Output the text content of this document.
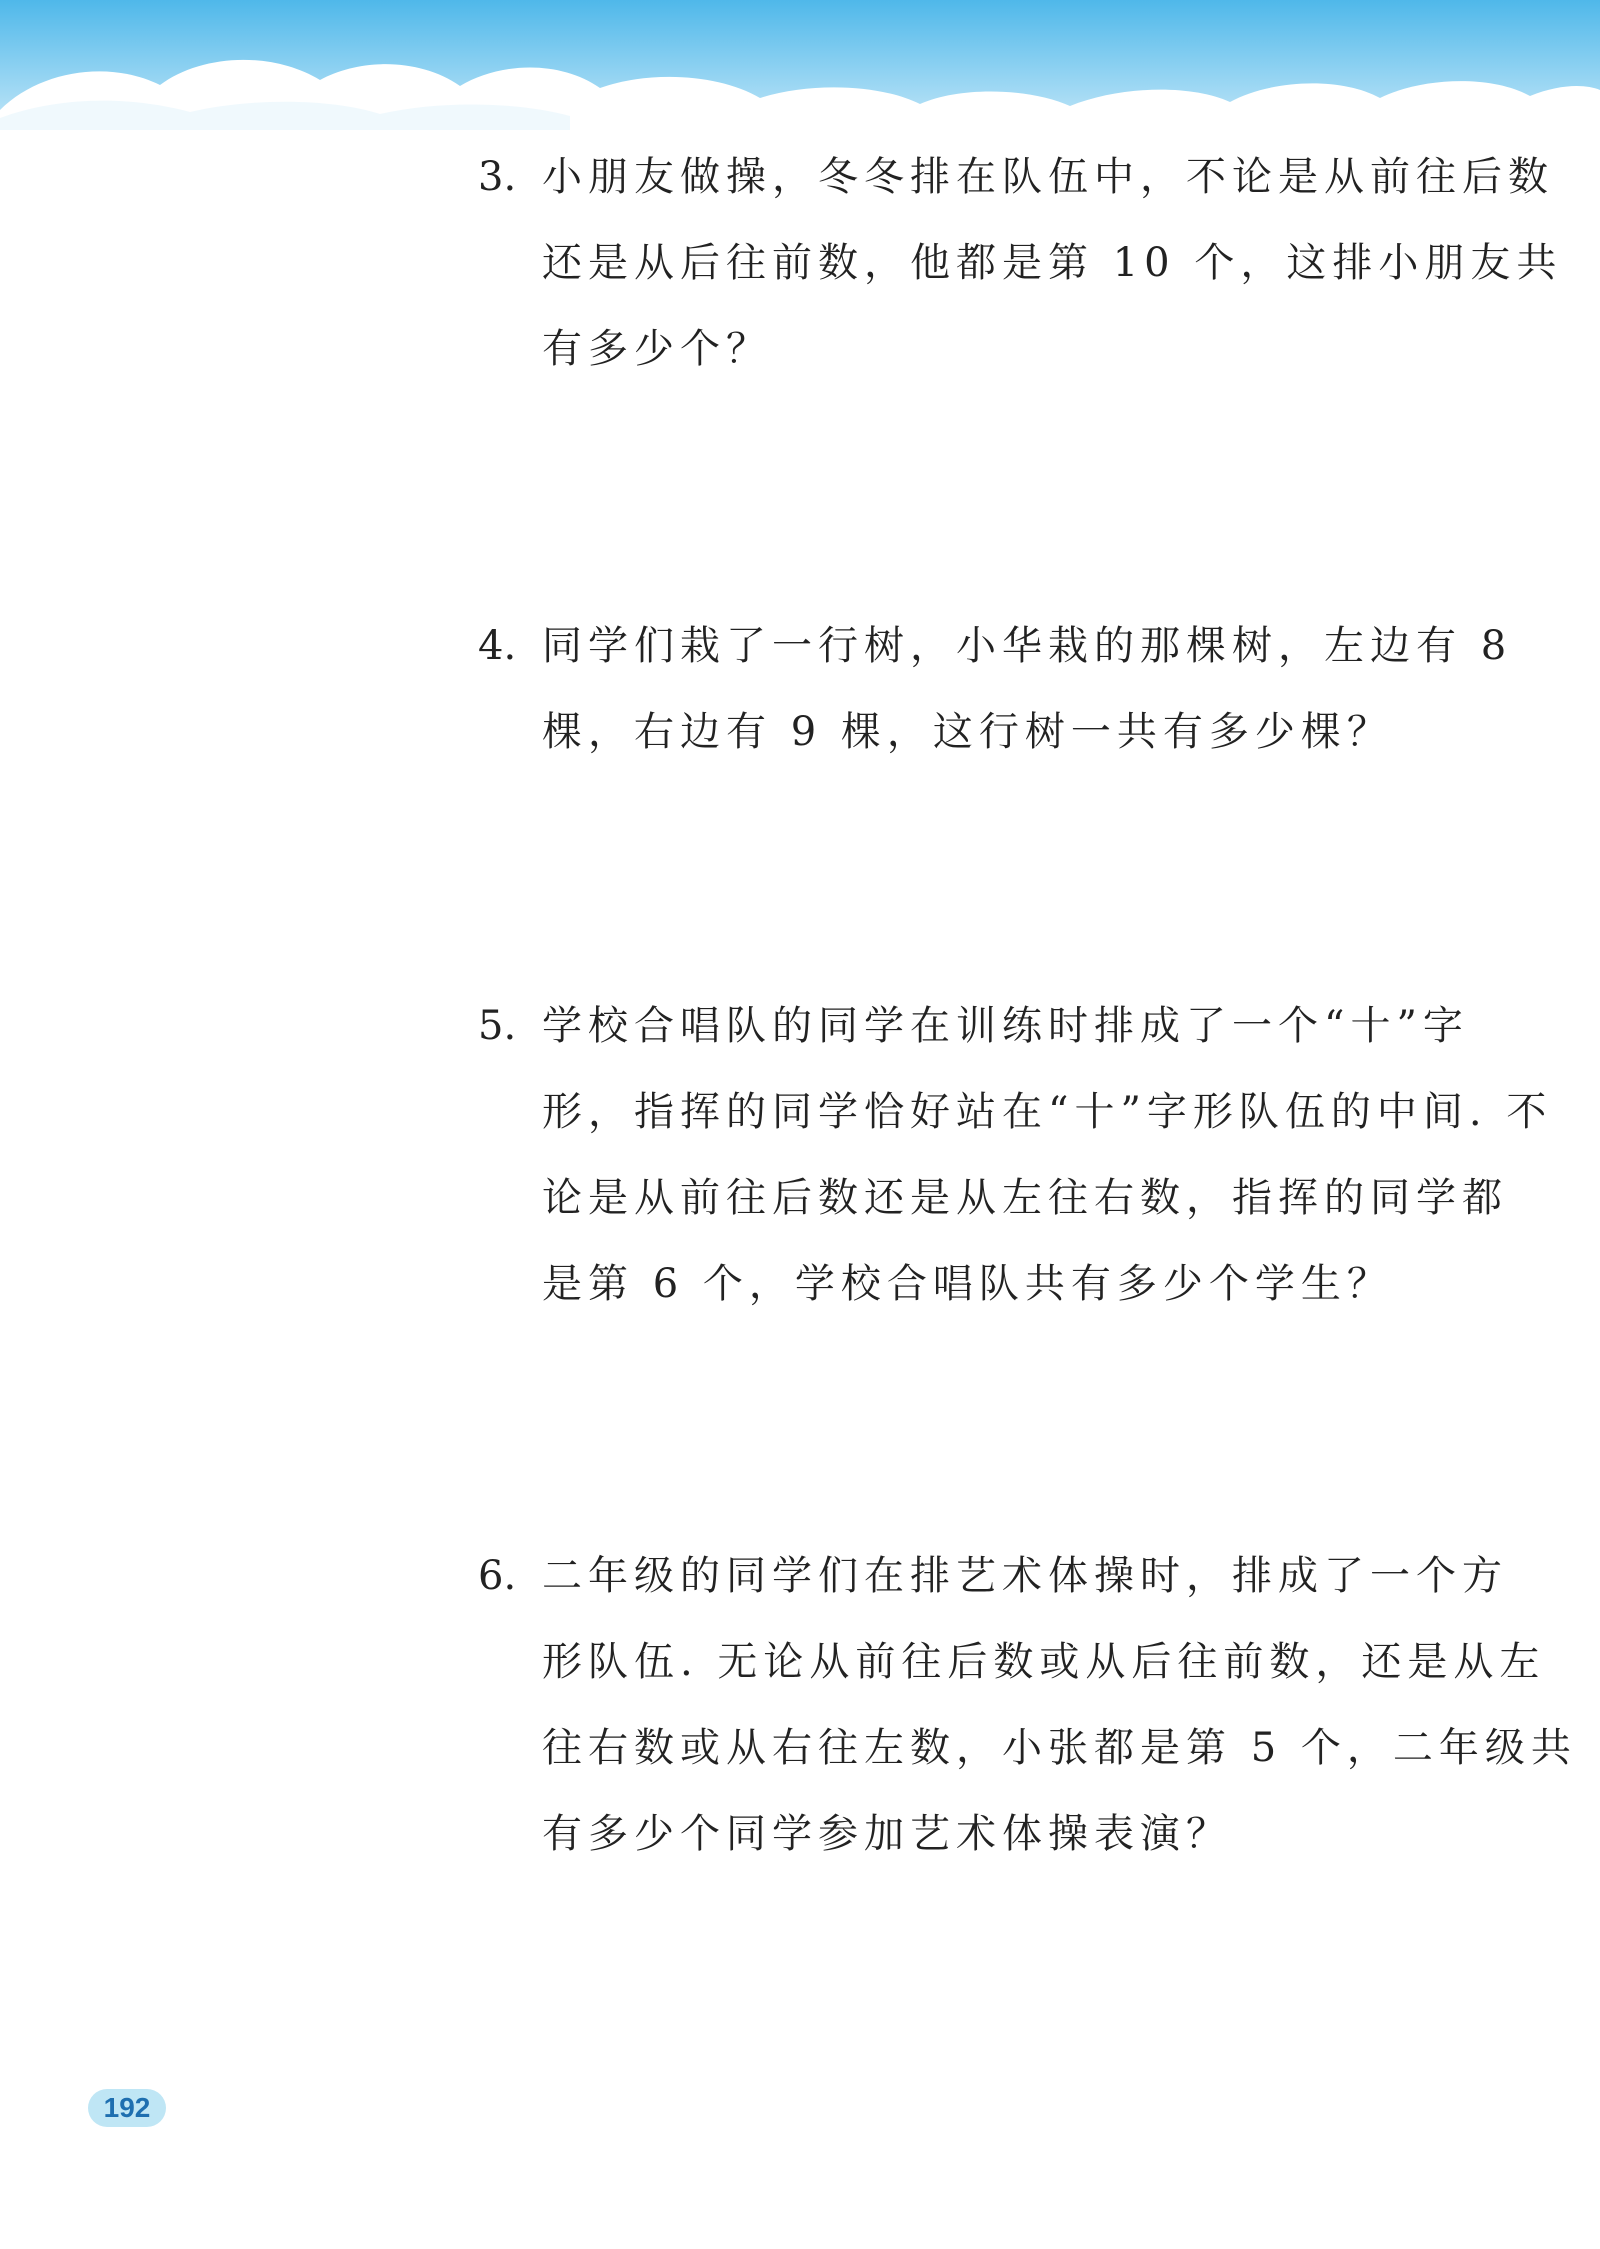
3. 小朋友做操，冬冬排在队伍中，不论是从前往后数
还是从后往前数，他都是第 10 个，这排小朋友共
有多少个？
4. 同学们栽了一行树，小华栽的那棵树，左边有 8
棵，右边有 9 棵，这行树一共有多少棵？
5. 学校合唱队的同学在训练时排成了一个“十”字
形，指挥的同学恰好站在“十”字形队伍的中间. 不
论是从前往后数还是从左往右数，指挥的同学都
是第 6 个，学校合唱队共有多少个学生？
6. 二年级的同学们在排艺术体操时，排成了一个方
形队伍. 无论从前往后数或从后往前数，还是从左
往右数或从右往左数，小张都是第 5 个，二年级共
有多少个同学参加艺术体操表演？
192
